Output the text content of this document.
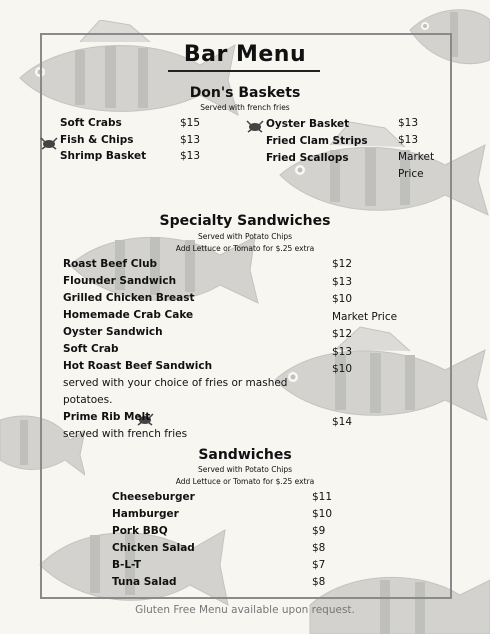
Bar Menu
Don's Baskets
Served with french fries
Soft Crabs	$15
Fish & Chips	$13
Shrimp Basket	$13
Oyster Basket	$13
Fried Clam Strips	$13
Fried Scallops	Market
Price
Specialty Sandwiches
Served with Potato Chips
Add Lettuce or Tomato for $.25 extra
Roast Beef Club	$12
Flounder Sandwich	$13
Grilled Chicken Breast	$10
Homemade Crab Cake	Market Price
Oyster Sandwich	$12
Soft Crab	$13
Hot Roast Beef Sandwich	$10
served with your choice of fries or mashed
potatoes.
Prime Rib Melt	$14
served with french fries
Sandwiches
Served with Potato Chips
Add Lettuce or Tomato for $.25 extra
Cheeseburger	$11
Hamburger	$10
Pork BBQ	$9
Chicken Salad	$8
B-L-T	$7
Tuna Salad	$8
Gluten Free Menu available upon request.
